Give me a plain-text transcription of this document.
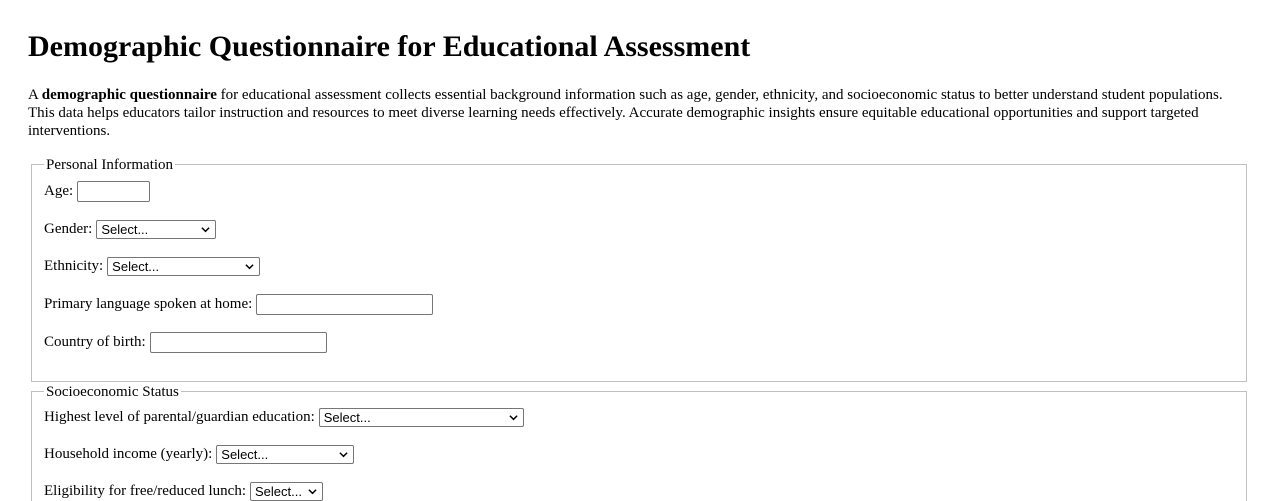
Demographic Questionnaire for Educational Assessment

A demographic questionnaire for educational assessment collects essential background information such as age, gender, ethnicity, and socioeconomic status to better understand student populations. This data helps educators tailor instruction and resources to meet diverse learning needs effectively. Accurate demographic insights ensure equitable educational opportunities and support targeted interventions.

Personal Information
Age:
Gender: Select...
Ethnicity: Select...
Primary language spoken at home:
Country of birth:
Socioeconomic Status
Highest level of parental/guardian education: Select...
Household income (yearly): Select...
Eligibility for free/reduced lunch: Select...
